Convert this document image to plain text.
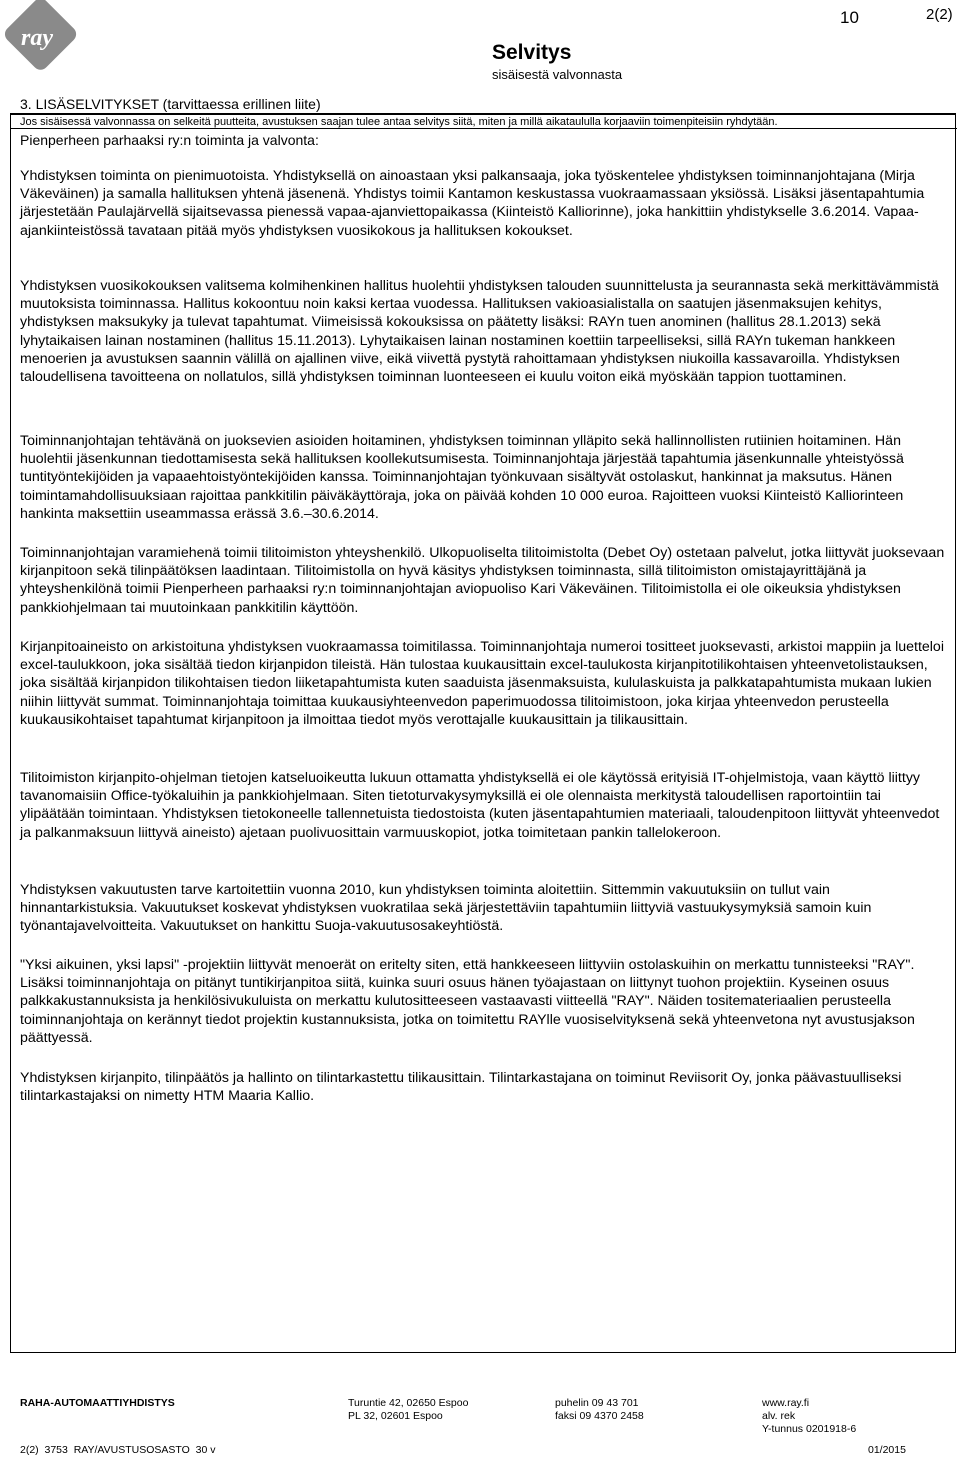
ray
10	2(2)
Selvitys
sisäisestä valvonnasta
3. LISÄSELVITYKSET (tarvittaessa erillinen liite)
Jos sisäisessä valvonnassa on selkeitä puutteita, avustuksen saajan tulee antaa selvitys siitä, miten ja millä aikataululla korjaaviin toimenpiteisiin ryhdytään.
Pienperheen parhaaksi ry:n toiminta ja valvonta:
Yhdistyksen toiminta on pienimuotoista. Yhdistyksellä on ainoastaan yksi palkansaaja, joka työskentelee yhdistyksen toiminnanjohtajana (Mirja Väkeväinen) ja samalla hallituksen yhtenä jäsenenä. Yhdistys toimii Kantamon keskustassa vuokraamassaan yksiössä. Lisäksi jäsentapahtumia järjestetään Paulajärvellä sijaitsevassa pienessä vapaa-ajanviettopaikassa (Kiinteistö Kalliorinne), joka hankittiin yhdistykselle 3.6.2014. Vapaa-ajankiinteistössä tavataan pitää myös yhdistyksen vuosikokous ja hallituksen kokoukset.
Yhdistyksen vuosikokouksen valitsema kolmihenkinen hallitus huolehtii yhdistyksen talouden suunnittelusta ja seurannasta sekä merkittävämmistä muutoksista toiminnassa. Hallitus kokoontuu noin kaksi kertaa vuodessa. Hallituksen vakioasialistalla on saatujen jäsenmaksujen kehitys, yhdistyksen maksukyky ja tulevat tapahtumat. Viimeisissä kokouksissa on päätetty lisäksi: RAYn tuen anominen (hallitus 28.1.2013) sekä lyhytaikaisen lainan nostaminen (hallitus 15.11.2013). Lyhytaikaisen lainan nostaminen koettiin tarpeelliseksi, sillä RAYn tukeman hankkeen menoerien ja avustuksen saannin välillä on ajallinen viive, eikä viivettä pystytä rahoittamaan yhdistyksen niukoilla kassavaroilla. Yhdistyksen taloudellisena tavoitteena on nollatulos, sillä yhdistyksen toiminnan luonteeseen ei kuulu voiton eikä myöskään tappion tuottaminen.
Toiminnanjohtajan tehtävänä on juoksevien asioiden hoitaminen, yhdistyksen toiminnan ylläpito sekä hallinnollisten rutiinien hoitaminen. Hän huolehtii jäsenkunnan tiedottamisesta sekä hallituksen koollekutsumisesta. Toiminnanjohtaja järjestää tapahtumia jäsenkunnalle yhteistyössä tuntityöntekijöiden ja vapaaehtoistyöntekijöiden kanssa. Toiminnanjohtajan työnkuvaan sisältyvät ostolaskut, hankinnat ja maksutus. Hänen toimintamahdollisuuksiaan rajoittaa pankkitilin päiväkäyttöraja, joka on päivää kohden 10 000 euroa. Rajoitteen vuoksi Kiinteistö Kalliorinteen hankinta maksettiin useammassa erässä 3.6.–30.6.2014.
Toiminnanjohtajan varamiehenä toimii tilitoimiston yhteyshenkilö. Ulkopuoliselta tilitoimistolta (Debet Oy) ostetaan palvelut, jotka liittyvät juoksevaan kirjanpitoon sekä tilinpäätöksen laadintaan. Tilitoimistolla on hyvä käsitys yhdistyksen toiminnasta, sillä tilitoimiston omistajayrittäjänä ja yhteyshenkilönä toimii Pienperheen parhaaksi ry:n toiminnanjohtajan aviopuoliso Kari Väkeväinen. Tilitoimistolla ei ole oikeuksia yhdistyksen pankkiohjelmaan tai muutoinkaan pankkitilin käyttöön.
Kirjanpitoaineisto on arkistoituna yhdistyksen vuokraamassa toimitilassa. Toiminnanjohtaja numeroi tositteet juoksevasti, arkistoi mappiin ja luetteloi excel-taulukkoon, joka sisältää tiedon kirjanpidon tileistä. Hän tulostaa kuukausittain excel-taulukosta kirjanpitotilikohtaisen yhteenvetolistauksen, joka sisältää kirjanpidon tilikohtaisen tiedon liiketapahtumista kuten saaduista jäsenmaksuista, kululaskuista ja palkkatapahtumista mukaan lukien niihin liittyvät summat. Toiminnanjohtaja toimittaa kuukausiyhteenvedon paperimuodossa tilitoimistoon, joka kirjaa yhteenvedon perusteella kuukausikohtaiset tapahtumat kirjanpitoon ja ilmoittaa tiedot myös verottajalle kuukausittain ja tilikausittain.
Tilitoimiston kirjanpito-ohjelman tietojen katseluoikeutta lukuun ottamatta yhdistyksellä ei ole käytössä erityisiä IT-ohjelmistoja, vaan käyttö liittyy tavanomaisiin Office-työkaluihin ja pankkiohjelmaan. Siten tietoturvakysymyksillä ei ole olennaista merkitystä taloudellisen raportointiin tai ylipäätään toimintaan. Yhdistyksen tietokoneelle tallennetuista tiedostoista (kuten jäsentapahtumien materiaali, taloudenpitoon liittyvät yhteenvedot ja palkanmaksuun liittyvä aineisto) ajetaan puolivuosittain varmuuskopiot, jotka toimitetaan pankin tallelokeroon.
Yhdistyksen vakuutusten tarve kartoitettiin vuonna 2010, kun yhdistyksen toiminta aloitettiin. Sittemmin vakuutuksiin on tullut vain hinnantarkistuksia. Vakuutukset koskevat yhdistyksen vuokratilaa sekä järjestettäviin tapahtumiin liittyviä vastuukysymyksiä samoin kuin työnantajavelvoitteita. Vakuutukset on hankittu Suoja-vakuutusosakeyhtiöstä.
"Yksi aikuinen, yksi lapsi" -projektiin liittyvät menoerät on eritelty siten, että hankkeeseen liittyviin ostolaskuihin on merkattu tunnisteeksi "RAY". Lisäksi toiminnanjohtaja on pitänyt tuntikirjanpitoa siitä, kuinka suuri osuus hänen työajastaan on liittynyt tuohon projektiin. Kyseinen osuus palkkakustannuksista ja henkilösivukuluista on merkattu kulutositteeseen vastaavasti viitteellä "RAY". Näiden tositemateriaalien perusteella toiminnanjohtaja on kerännyt tiedot projektin kustannuksista, jotka on toimitettu RAYlle vuosiselvityksenä sekä yhteenvetona nyt avustusjakson päättyessä.
Yhdistyksen kirjanpito, tilinpäätös ja hallinto on tilintarkastettu tilikausittain. Tilintarkastajana on toiminut Reviisorit Oy, jonka päävastuulliseksi tilintarkastajaksi on nimetty HTM Maaria Kallio.
RAHA-AUTOMAATTIYHDISTYS	Turuntie 42, 02650 Espoo
PL 32, 02601 Espoo
puhelin 09 43 701
faksi 09 4370 2458
www.ray.fi
alv. rek
Y-tunnus 0201918-6
2(2)  3753  RAY/AVUSTUSOSASTO  30 v	01/2015
